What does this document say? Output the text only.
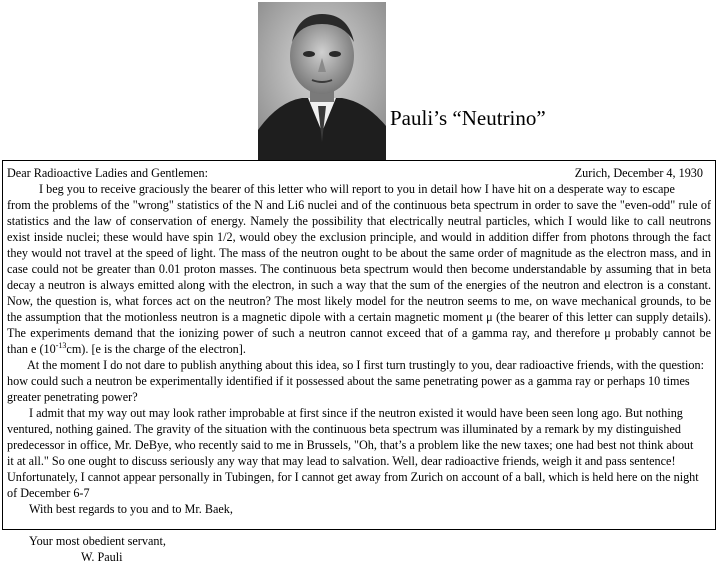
Pauli’s “Neutrino”
Dear Radioactive Ladies and Gentlemen:	Zurich, December 4, 1930
I beg you to receive graciously the bearer of this letter who will report to you in detail how I have hit on a desperate way to escape
from the problems of the "wrong" statistics of the N and Li6 nuclei and of the continuous beta spectrum in order to save the "even-odd" rule of
statistics and the law of conservation of energy. Namely the possibility that electrically neutral particles, which I would like to call neutrons
exist inside nuclei; these would have spin 1/2, would obey the exclusion principle, and would in addition differ from photons through the fact
they would not travel at the speed of light. The mass of the neutron ought to be about the same order of magnitude as the electron mass, and in
case could not be greater than 0.01 proton masses. The continuous beta spectrum would then become understandable by assuming that in beta
decay a neutron is always emitted along with the electron, in such a way that the sum of the energies of the neutron and electron is a constant.
Now, the question is, what forces act on the neutron? The most likely model for the neutron seems to me, on wave mechanical grounds, to be
the assumption that the motionless neutron is a magnetic dipole with a certain magnetic moment μ (the bearer of this letter can supply details).
The experiments demand that the ionizing power of such a neutron cannot exceed that of a gamma ray, and therefore μ probably cannot be
than e $(10^{-13}cm)$. [e is the charge of the electron].
At the moment I do not dare to publish anything about this idea, so I first turn trustingly to you, dear radioactive friends, with the question:
how could such a neutron be experimentally identified if it possessed about the same penetrating power as a gamma ray or perhaps 10 times
greater penetrating power?
I admit that my way out may look rather improbable at first since if the neutron existed it would have been seen long ago. But nothing
ventured, nothing gained. The gravity of the situation with the continuous beta spectrum was illuminated by a remark by my distinguished
predecessor in office, Mr. DeBye, who recently said to me in Brussels, "Oh, that’s a problem like the new taxes; one had best not think about
it at all." So one ought to discuss seriously any way that may lead to salvation. Well, dear radioactive friends, weigh it and pass sentence!
Unfortunately, I cannot appear personally in Tubingen, for I cannot get away from Zurich on account of a ball, which is held here on the night
of December 6-7
With best regards to you and to Mr. Baek,
Your most obedient servant,
W. Pauli
